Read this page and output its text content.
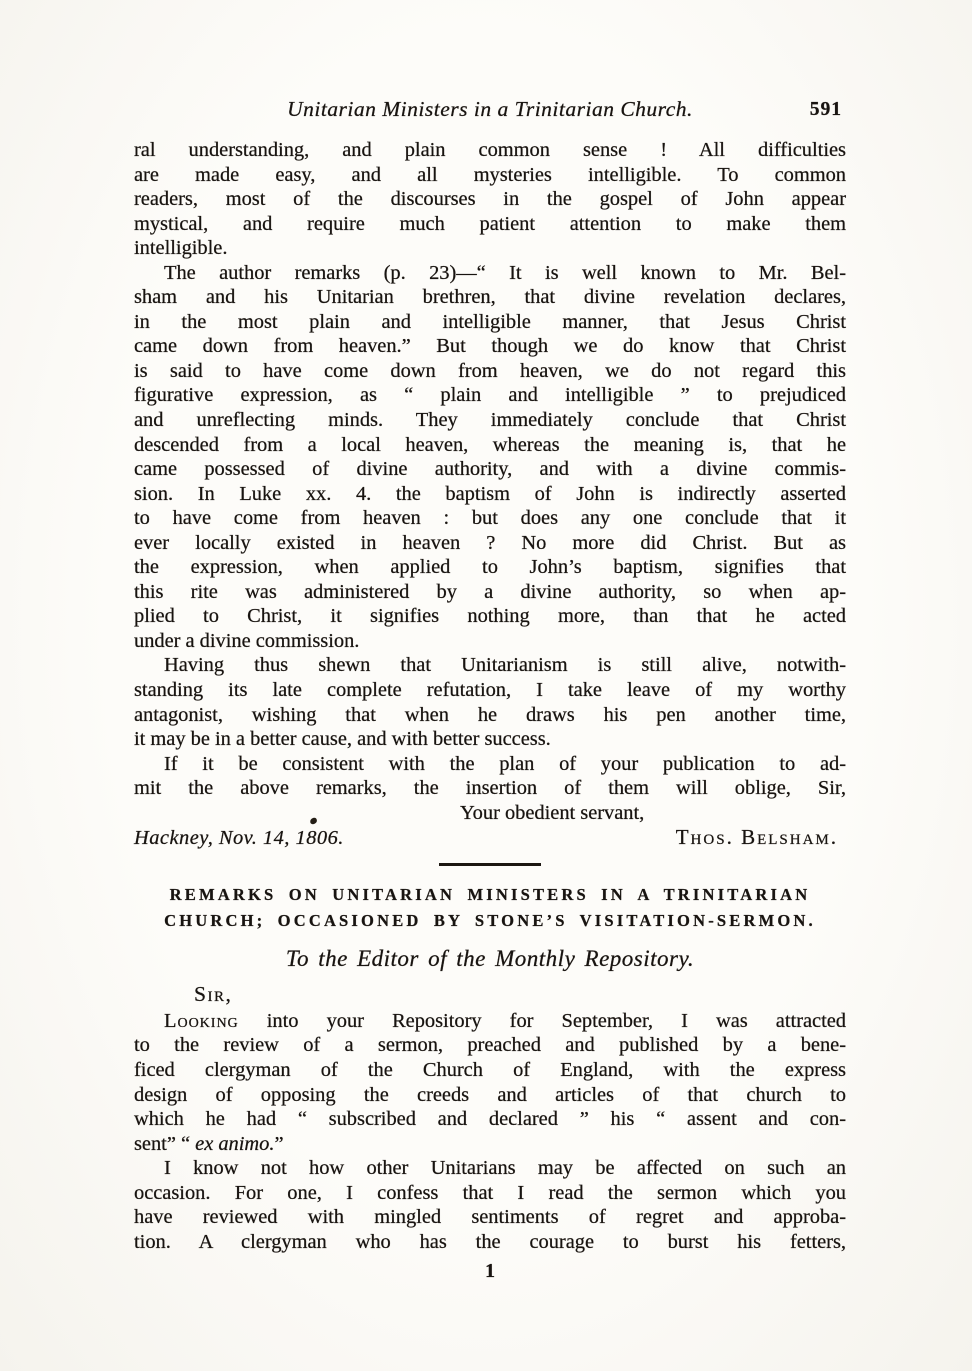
Unitarian Ministers in a Trinitarian Church.	591
ral understanding, and plain common sense ! All difficulties
are made easy, and all mysteries intelligible. To common
readers, most of the discourses in the gospel of John appear
mystical, and require much patient attention to make them
intelligible.
The author remarks (p. 23)—“ It is well known to Mr. Bel-
sham and his Unitarian brethren, that divine revelation declares,
in the most plain and intelligible manner, that Jesus Christ
came down from heaven.” But though we do know that Christ
is said to have come down from heaven, we do not regard this
figurative expression, as “ plain and intelligible ” to prejudiced
and unreflecting minds. They immediately conclude that Christ
descended from a local heaven, whereas the meaning is, that he
came possessed of divine authority, and with a divine commis-
sion. In Luke xx. 4. the baptism of John is indirectly asserted
to have come from heaven : but does any one conclude that it
ever locally existed in heaven ? No more did Christ. But as
the expression, when applied to John’s baptism, signifies that
this rite was administered by a divine authority, so when ap-
plied to Christ, it signifies nothing more, than that he acted
under a divine commission.
Having thus shewn that Unitarianism is still alive, notwith-
standing its late complete refutation, I take leave of my worthy
antagonist, wishing that when he draws his pen another time,
it may be in a better cause, and with better success.
If it be consistent with the plan of your publication to ad-
mit the above remarks, the insertion of them will oblige, Sir,
Your obedient servant,
Hackney, Nov. 14, 1806.	Thos. Belsham.
REMARKS ON UNITARIAN MINISTERS IN A TRINITARIAN
CHURCH; OCCASIONED BY STONE’S VISITATION-SERMON.
To the Editor of the Monthly Repository.
Sir,
Looking into your Repository for September, I was attracted
to the review of a sermon, preached and published by a bene-
ficed clergyman of the Church of England, with the express
design of opposing the creeds and articles of that church to
which he had “ subscribed and declared ” his “ assent and con-
sent” “ ex animo.”
I know not how other Unitarians may be affected on such an
occasion. For one, I confess that I read the sermon which you
have reviewed with mingled sentiments of regret and approba-
tion. A clergyman who has the courage to burst his fetters,
1
